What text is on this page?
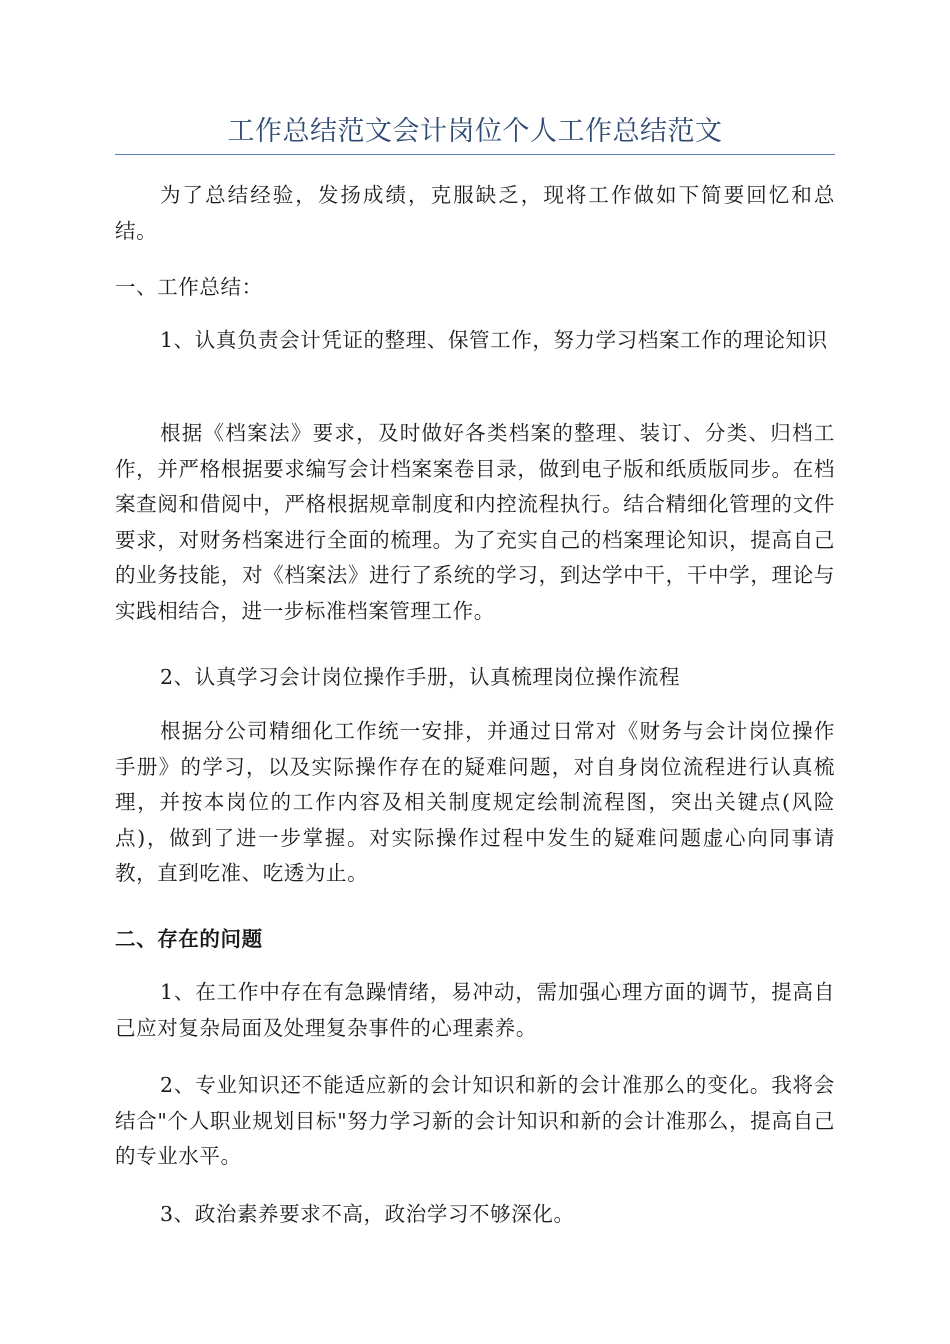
工作总结范文会计岗位个人工作总结范文

为了总结经验，发扬成绩，克服缺乏，现将工作做如下简要回忆和总结。

一、工作总结：

1、认真负责会计凭证的整理、保管工作，努力学习档案工作的理论知识

根据《档案法》要求，及时做好各类档案的整理、装订、分类、归档工作，并严格根据要求编写会计档案案卷目录，做到电子版和纸质版同步。在档案查阅和借阅中，严格根据规章制度和内控流程执行。结合精细化管理的文件要求，对财务档案进行全面的梳理。为了充实自己的档案理论知识，提高自己的业务技能，对《档案法》进行了系统的学习，到达学中干，干中学，理论与实践相结合，进一步标准档案管理工作。

2、认真学习会计岗位操作手册，认真梳理岗位操作流程

根据分公司精细化工作统一安排，并通过日常对《财务与会计岗位操作手册》的学习，以及实际操作存在的疑难问题，对自身岗位流程进行认真梳理，并按本岗位的工作内容及相关制度规定绘制流程图，突出关键点(风险点)，做到了进一步掌握。对实际操作过程中发生的疑难问题虚心向同事请教，直到吃准、吃透为止。

二、存在的问题

1、在工作中存在有急躁情绪，易冲动，需加强心理方面的调节，提高自己应对复杂局面及处理复杂事件的心理素养。

2、专业知识还不能适应新的会计知识和新的会计准那么的变化。我将会结合"个人职业规划目标"努力学习新的会计知识和新的会计准那么，提高自己的专业水平。

3、政治素养要求不高，政治学习不够深化。
